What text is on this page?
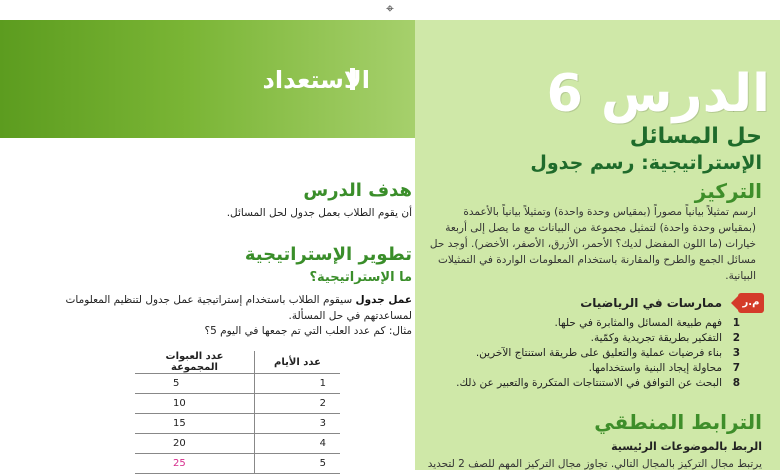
⌖
الاستعداد	الدرس 6
حل المسائل
الإستراتيجية: رسم جدول
التركيز
ارسم تمثيلاً بيانياً مصوراً (بمقياس وحدة واحدة) وتمثيلاً بيانياً بالأعمدة (بمقياس وحدة واحدة) لتمثيل مجموعة من البيانات مع ما يصل إلى أربعة خيارات (ما اللون المفضل لديك؟ الأحمر، الأزرق، الأصفر، الأخضر). أوجد حل مسائل الجمع والطرح والمقارنة باستخدام المعلومات الواردة في التمثيلات البيانية.
م.ر
ممارسات في الرياضيات
1
فهم طبيعة المسائل والمثابرة في حلها.
2
التفكير بطريقة تجريدية وكمّية.
3
بناء فرضيات عملية والتعليق على طريقة استنتاج الآخرين.
7
محاولة إيجاد البنية واستخدامها.
8
البحث عن التوافق في الاستنتاجات المتكررة والتعبير عن ذلك.
الترابط المنطقي
الربط بالموضوعات الرئيسية
يرتبط مجال التركيز بالمجال التالي. تجاوز مجال التركيز المهم للصف 2 لتحديد
هدف الدرس
أن يقوم الطلاب بعمل جدول لحل المسائل.
تطوير الإستراتيجية
ما الإستراتيجية؟
عمل جدول سيقوم الطلاب باستخدام إستراتيجية عمل جدول لتنظيم المعلومات لمساعدتهم في حل المسألة.
مثال: كم عدد العلب التي تم جمعها في اليوم 5؟
عدد الأيام	عدد العبوات المجموعة
1	5
2	10
3	15
4	20
5	25
